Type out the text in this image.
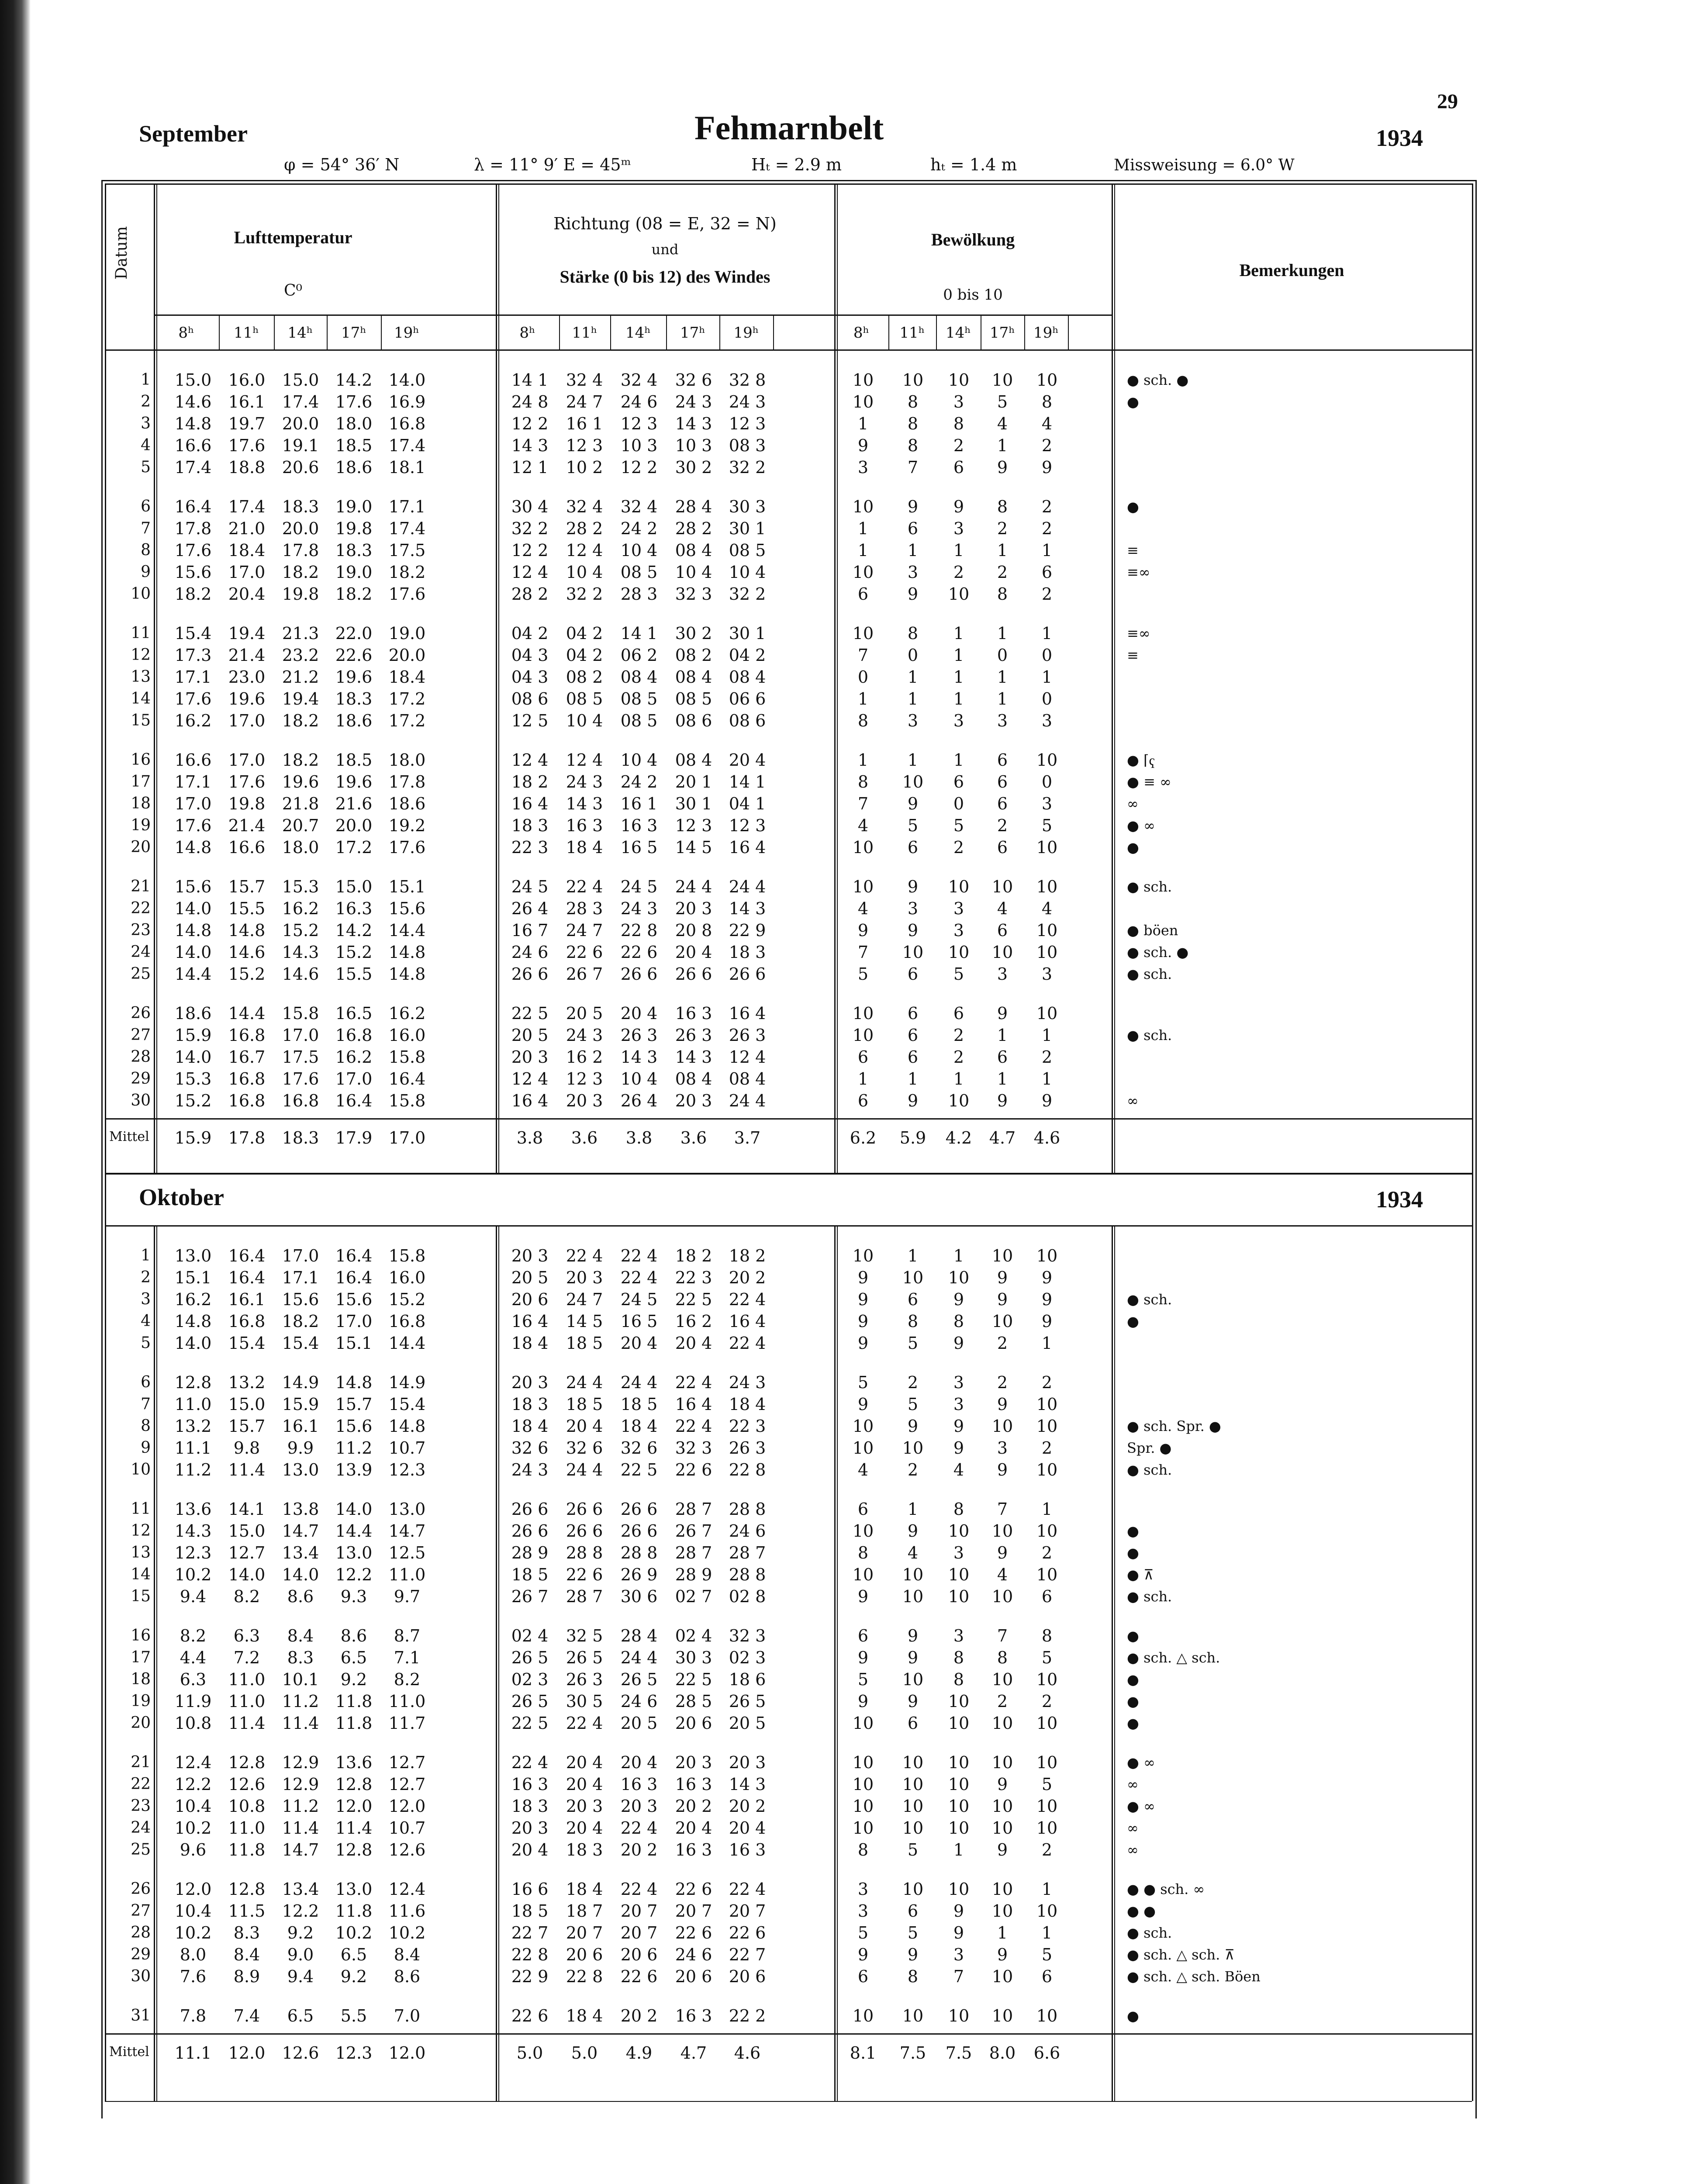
29
September	Fehmarnbelt	1934
φ = 54° 36′ N	λ = 11° 9′ E = 45ᵐ	Hₜ = 2.9 m	hₜ = 1.4 m	Missweisung = 6.0° W
Datum	Lufttemperatur
C⁰
Richtung (08 = E, 32 = N)
und
Stärke (0 bis 12) des Windes
Bewölkung
0 bis 10
Bemerkungen
8ʰ	8ʰ	8ʰ
11ʰ	11ʰ	11ʰ
14ʰ	14ʰ	14ʰ
17ʰ	17ʰ	17ʰ
19ʰ	19ʰ	19ʰ
1	15.0	16.0	15.0 14.2 14.0	14 1	32 4	32 4	32 6	32 8	10	10	10	10	10	● sch. ●
2	14.6	16.1	17.4 17.6 16.9	24 8	24 7	24 6	24 3	24 3	10	8	3	5	8	●
3	14.8	19.7	20.0 18.0 16.8	12 2	16 1	12 3	14 3	12 3	1	8	8	4	4
4	16.6	17.6	19.1 18.5 17.4	14 3	12 3	10 3	10 3	08 3	9	8	2	1	2
5	17.4	18.8	20.6 18.6 18.1	12 1	10 2	12 2	30 2	32 2	3	7	6	9	9
6	16.4	17.4	18.3 19.0 17.1	30 4	32 4	32 4	28 4	30 3	10	9	9	8	2	●
7	17.8	21.0	20.0 19.8 17.4	32 2	28 2	24 2	28 2	30 1	1	6	3	2	2
8	17.6	18.4	17.8 18.3 17.5	12 2	12 4	10 4	08 4	08 5	1	1	1	1	1	≡
9	15.6	17.0	18.2 19.0 18.2	12 4	10 4	08 5	10 4	10 4	10	3	2	2	6	≡∞
10	18.2	20.4	19.8 18.2 17.6	28 2	32 2	28 3	32 3	32 2	6	9	10	8	2
11	15.4	19.4	21.3 22.0 19.0	04 2	04 2	14 1	30 2	30 1	10	8	1	1	1	≡∞
12	17.3	21.4	23.2 22.6 20.0	04 3	04 2	06 2	08 2	04 2	7	0	1	0	0	≡
13	17.1	23.0	21.2 19.6 18.4	04 3	08 2	08 4	08 4	08 4	0	1	1	1	1
14	17.6	19.6	19.4 18.3 17.2	08 6	08 5	08 5	08 5	06 6	1	1	1	1	0
15	16.2	17.0	18.2 18.6 17.2	12 5	10 4	08 5	08 6	08 6	8	3	3	3	3
16	16.6	17.0	18.2 18.5 18.0	12 4	12 4	10 4	08 4	20 4	1	1	1	6	10	● ⌈ҁ
17	17.1	17.6	19.6 19.6 17.8	18 2	24 3	24 2	20 1	14 1	8	10	6	6	0	● ≡ ∞
18	17.0	19.8	21.8 21.6 18.6	16 4	14 3	16 1	30 1	04 1	7	9	0	6	3	∞
19	17.6	21.4	20.7 20.0 19.2	18 3	16 3	16 3	12 3	12 3	4	5	5	2	5	● ∞
20	14.8	16.6	18.0 17.2 17.6	22 3	18 4	16 5	14 5	16 4	10	6	2	6	10	●
21	15.6	15.7	15.3 15.0 15.1	24 5	22 4	24 5	24 4	24 4	10	9	10	10	10	● sch.
22	14.0	15.5	16.2 16.3 15.6	26 4	28 3	24 3	20 3	14 3	4	3	3	4	4
23	14.8	14.8	15.2 14.2 14.4	16 7	24 7	22 8	20 8	22 9	9	9	3	6	10	● böen
24	14.0	14.6	14.3 15.2 14.8	24 6	22 6	22 6	20 4	18 3	7	10	10	10	10	● sch. ●
25	14.4	15.2	14.6 15.5 14.8	26 6	26 7	26 6	26 6	26 6	5	6	5	3	3	● sch.
26	18.6	14.4	15.8 16.5 16.2	22 5	20 5	20 4	16 3	16 4	10	6	6	9	10
27	15.9	16.8	17.0 16.8 16.0	20 5	24 3	26 3	26 3	26 3	10	6	2	1	1	● sch.
28	14.0	16.7	17.5 16.2 15.8	20 3	16 2	14 3	14 3	12 4	6	6	2	6	2
29	15.3	16.8	17.6 17.0 16.4	12 4	12 3	10 4	08 4	08 4	1	1	1	1	1
30	15.2	16.8	16.8 16.4 15.8	16 4	20 3	26 4	20 3	24 4	6	9	10	9	9	∞
Mittel	15.9	17.8	18.3 17.9 17.0	3.8	3.6	3.8	3.6	3.7	6.2	5.9	4.2	4.7	4.6
Oktober	1934
1	13.0	16.4	17.0 16.4 15.8	20 3	22 4	22 4	18 2	18 2	10	1	1	10	10
2	15.1	16.4	17.1 16.4 16.0	20 5	20 3	22 4	22 3	20 2	9	10	10	9	9
3	16.2	16.1	15.6 15.6 15.2	20 6	24 7	24 5	22 5	22 4	9	6	9	9	9	● sch.
4	14.8	16.8	18.2 17.0 16.8	16 4	14 5	16 5	16 2	16 4	9	8	8	10	9	●
5	14.0	15.4	15.4 15.1 14.4	18 4	18 5	20 4	20 4	22 4	9	5	9	2	1
6	12.8	13.2	14.9 14.8 14.9	20 3	24 4	24 4	22 4	24 3	5	2	3	2	2
7	11.0	15.0	15.9 15.7 15.4	18 3	18 5	18 5	16 4	18 4	9	5	3	9	10
8	13.2	15.7	16.1 15.6 14.8	18 4	20 4	18 4	22 4	22 3	10	9	9	10	10	● sch. Spr. ●
9	11.1	9.8	9.9	11.2 10.7	32 6	32 6	32 6	32 3	26 3	10	10	9	3	2	Spr. ●
10	11.2	11.4	13.0 13.9 12.3	24 3	24 4	22 5	22 6	22 8	4	2	4	9	10	● sch.
11	13.6	14.1	13.8 14.0 13.0	26 6	26 6	26 6	28 7	28 8	6	1	8	7	1
12	14.3	15.0	14.7 14.4 14.7	26 6	26 6	26 6	26 7	24 6	10	9	10	10	10	●
13	12.3	12.7	13.4 13.0 12.5	28 9	28 8	28 8	28 7	28 7	8	4	3	9	2	●
14	10.2	14.0	14.0 12.2 11.0	18 5	22 6	26 9	28 9	28 8	10	10	10	4	10	● ⊼
15	9.4	8.2	8.6	9.3	9.7	26 7	28 7	30 6	02 7	02 8	9	10	10	10	6	● sch.
16	8.2	6.3	8.4	8.6	8.7	02 4	32 5	28 4	02 4	32 3	6	9	3	7	8	●
17	4.4	7.2	8.3	6.5	7.1	26 5	26 5	24 4	30 3	02 3	9	9	8	8	5	● sch. △ sch.
18	6.3	11.0	10.1	9.2	8.2	02 3	26 3	26 5	22 5	18 6	5	10	8	10	10	●
19	11.9	11.0	11.2 11.8 11.0	26 5	30 5	24 6	28 5	26 5	9	9	10	2	2	●
20	10.8	11.4	11.4 11.8 11.7	22 5	22 4	20 5	20 6	20 5	10	6	10	10	10	●
21	12.4	12.8	12.9 13.6 12.7	22 4	20 4	20 4	20 3	20 3	10	10	10	10	10	● ∞
22	12.2	12.6	12.9 12.8 12.7	16 3	20 4	16 3	16 3	14 3	10	10	10	9	5	∞
23	10.4	10.8	11.2 12.0 12.0	18 3	20 3	20 3	20 2	20 2	10	10	10	10	10	● ∞
24	10.2	11.0	11.4 11.4 10.7	20 3	20 4	22 4	20 4	20 4	10	10	10	10	10	∞
25	9.6	11.8	14.7 12.8 12.6	20 4	18 3	20 2	16 3	16 3	8	5	1	9	2	∞
26	12.0	12.8	13.4 13.0 12.4	16 6	18 4	22 4	22 6	22 4	3	10	10	10	1	● ● sch. ∞
27	10.4	11.5	12.2 11.8 11.6	18 5	18 7	20 7	20 7	20 7	3	6	9	10	10	● ●
28	10.2	8.3	9.2	10.2 10.2	22 7	20 7	20 7	22 6	22 6	5	5	9	1	1	● sch.
29	8.0	8.4	9.0	6.5	8.4	22 8	20 6	20 6	24 6	22 7	9	9	3	9	5	● sch. △ sch. ⊼
30	7.6	8.9	9.4	9.2	8.6	22 9	22 8	22 6	20 6	20 6	6	8	7	10	6	● sch. △ sch. Böen
31	7.8	7.4	6.5	5.5	7.0	22 6	18 4	20 2	16 3	22 2	10	10	10	10	10	●
Mittel	11.1	12.0	12.6 12.3 12.0	5.0	5.0	4.9	4.7	4.6	8.1	7.5	7.5	8.0	6.6
